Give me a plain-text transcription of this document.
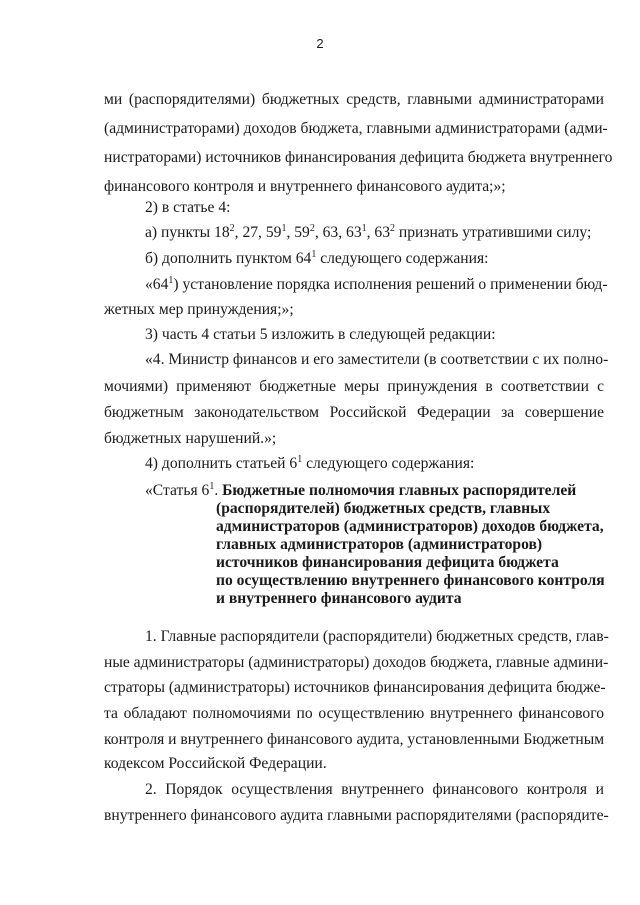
2

ми (распорядителями) бюджетных средств, главными администраторами

(администраторами) доходов бюджета, главными администраторами (адми-

нистраторами) источников финансирования дефицита бюджета внутреннего

финансового контроля и внутреннего финансового аудита;»;

2) в статье 4:

а) пункты $18^2$, 27, $59^1$, $59^2$, 63, $63^1$, $63^2$ признать утратившими силу;

б) дополнить пунктом $64^1$ следующего содержания:

«$64^1$) установление порядка исполнения решений о применении бюд-

жетных мер принуждения;»;

3) часть 4 статьи 5 изложить в следующей редакции:

«4. Министр финансов и его заместители (в соответствии с их полно-

мочиями) применяют бюджетные меры принуждения в соответствии с

бюджетным законодательством Российской Федерации за совершение

бюджетных нарушений.»;

4) дополнить статьей $6^1$ следующего содержания:

«Статья $6^1$. Бюджетные полномочия главных распорядителей

(распорядителей) бюджетных средств, главных

администраторов (администраторов) доходов бюджета,

главных администраторов (администраторов)

источников финансирования дефицита бюджета

по осуществлению внутреннего финансового контроля

и внутреннего финансового аудита

1. Главные распорядители (распорядители) бюджетных средств, глав-

ные администраторы (администраторы) доходов бюджета, главные админи-

страторы (администраторы) источников финансирования дефицита бюдже-

та обладают полномочиями по осуществлению внутреннего финансового

контроля и внутреннего финансового аудита, установленными Бюджетным

кодексом Российской Федерации.

2. Порядок осуществления внутреннего финансового контроля и

внутреннего финансового аудита главными распорядителями (распорядите-
